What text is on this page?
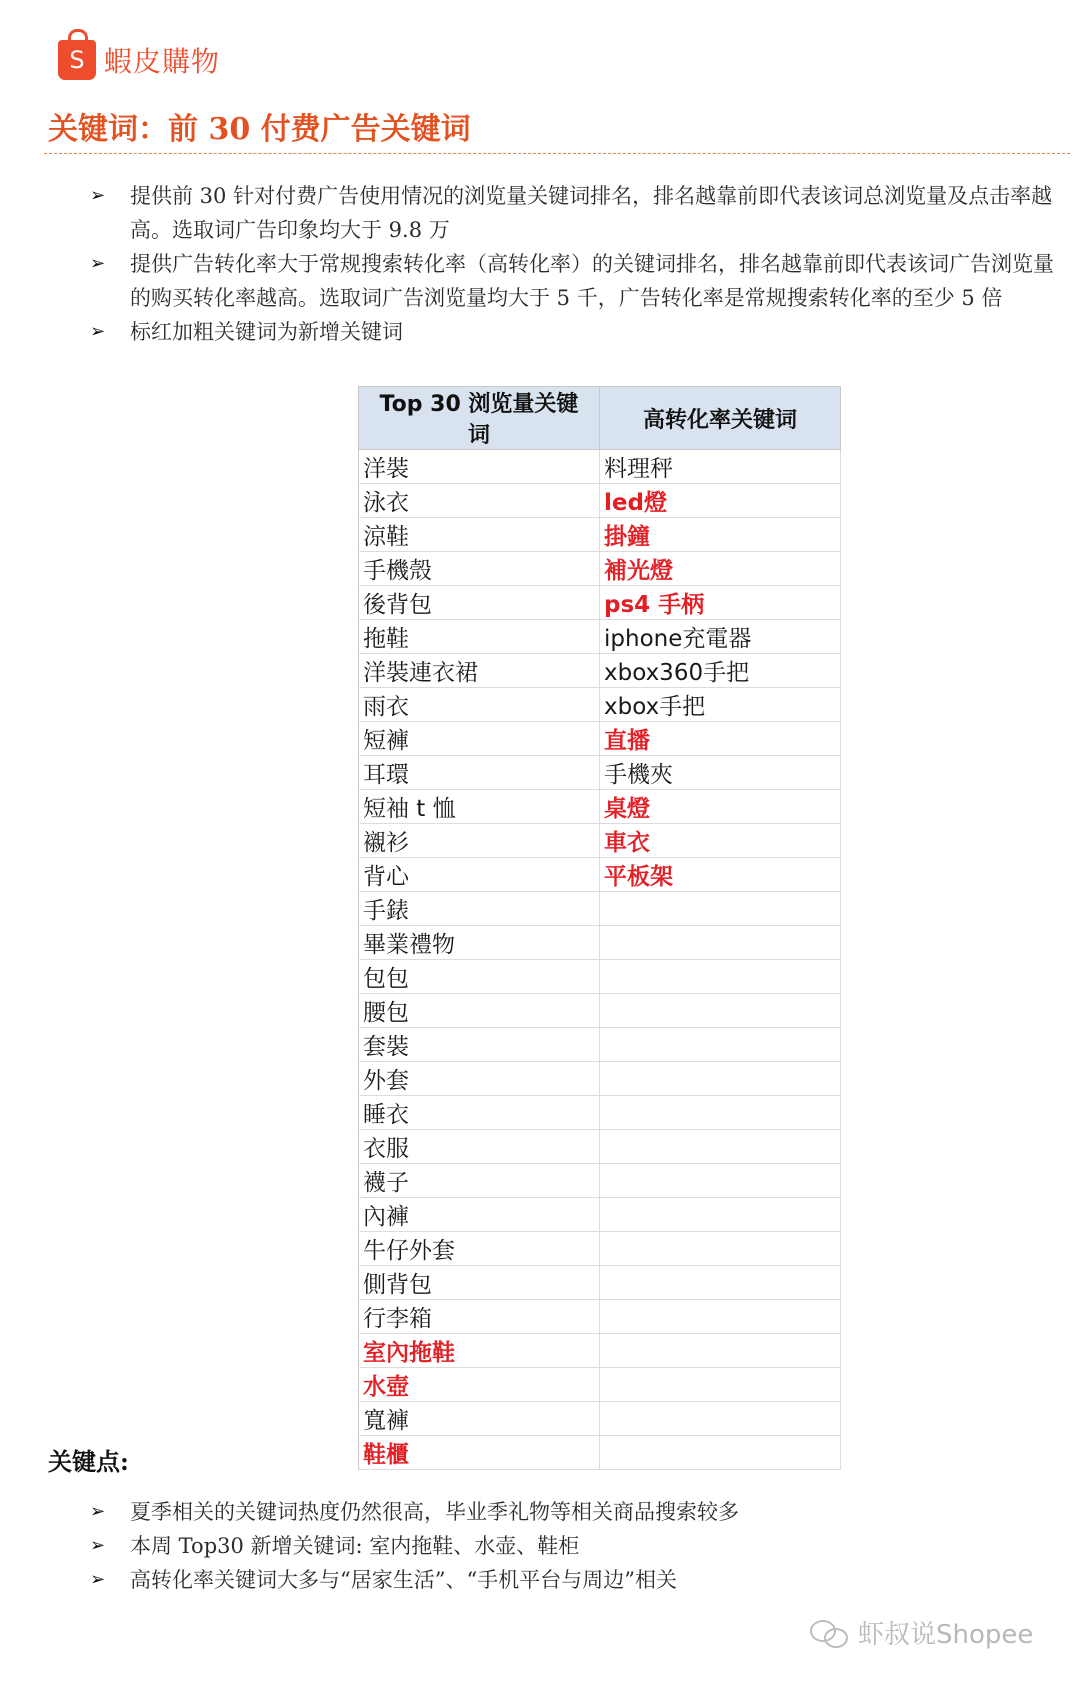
S 蝦皮購物
关键词：前 30 付费广告关键词
➢ 提供前 30 针对付费广告使用情况的浏览量关键词排名，排名越靠前即代表该词总浏览量及点击率越高。选取词广告印象均大于 9.8 万
➢ 提供广告转化率大于常规搜索转化率（高转化率）的关键词排名，排名越靠前即代表该词广告浏览量的购买转化率越高。选取词广告浏览量均大于 5 千，广告转化率是常规搜索转化率的至少 5 倍
➢ 标红加粗关键词为新增关键词
Top 30 浏览量关键词	高转化率关键词
洋裝	料理秤
泳衣	led燈
涼鞋	掛鐘
手機殼	補光燈
後背包	ps4 手柄
拖鞋	iphone充電器
洋裝連衣裙	xbox360手把
雨衣	xbox手把
短褲	直播
耳環	手機夾
短袖 t 恤	桌燈
襯衫	車衣
背心	平板架
手錶	
畢業禮物	
包包	
腰包	
套裝	
外套	
睡衣	
衣服	
襪子	
內褲	
牛仔外套	
側背包	
行李箱	
室內拖鞋	
水壺	
寬褲	
鞋櫃	
关键点:
➢ 夏季相关的关键词热度仍然很高，毕业季礼物等相关商品搜索较多
➢ 本周 Top30 新增关键词: 室内拖鞋、水壶、鞋柜
➢ 高转化率关键词大多与“居家生活”、“手机平台与周边”相关
虾叔说Shopee
